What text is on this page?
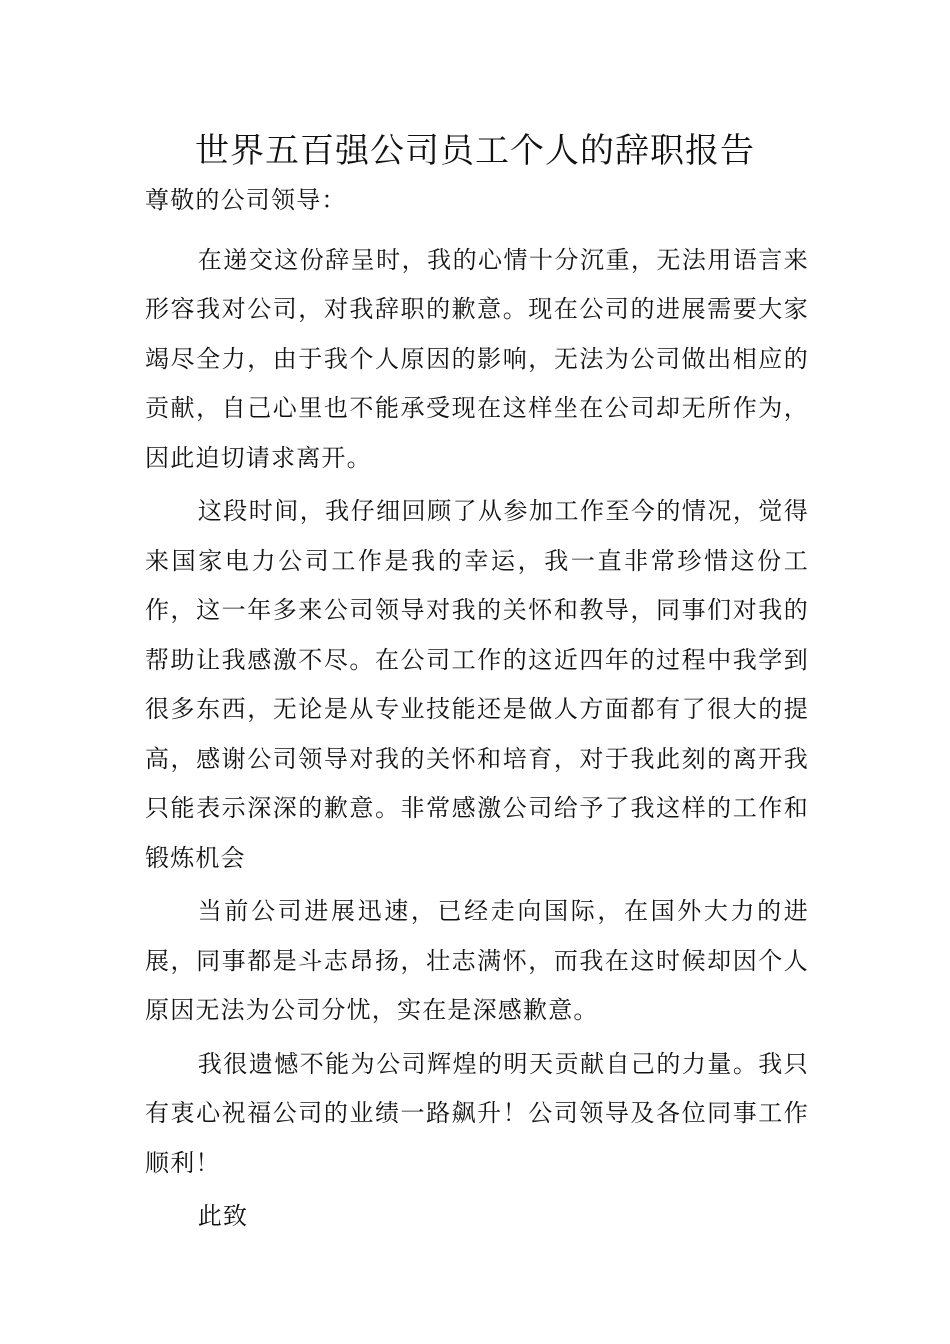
世界五百强公司员工个人的辞职报告

尊敬的公司领导：

在递交这份辞呈时，我的心情十分沉重，无法用语言来形容我对公司，对我辞职的歉意。现在公司的进展需要大家竭尽全力，由于我个人原因的影响，无法为公司做出相应的贡献，自己心里也不能承受现在这样坐在公司却无所作为，因此迫切请求离开。

这段时间，我仔细回顾了从参加工作至今的情况，觉得来国家电力公司工作是我的幸运，我一直非常珍惜这份工作，这一年多来公司领导对我的关怀和教导，同事们对我的帮助让我感激不尽。在公司工作的这近四年的过程中我学到很多东西，无论是从专业技能还是做人方面都有了很大的提高，感谢公司领导对我的关怀和培育，对于我此刻的离开我只能表示深深的歉意。非常感激公司给予了我这样的工作和锻炼机会

当前公司进展迅速，已经走向国际，在国外大力的进展，同事都是斗志昂扬，壮志满怀，而我在这时候却因个人原因无法为公司分忧，实在是深感歉意。

我很遗憾不能为公司辉煌的明天贡献自己的力量。我只有衷心祝福公司的业绩一路飙升！公司领导及各位同事工作顺利！

此致
